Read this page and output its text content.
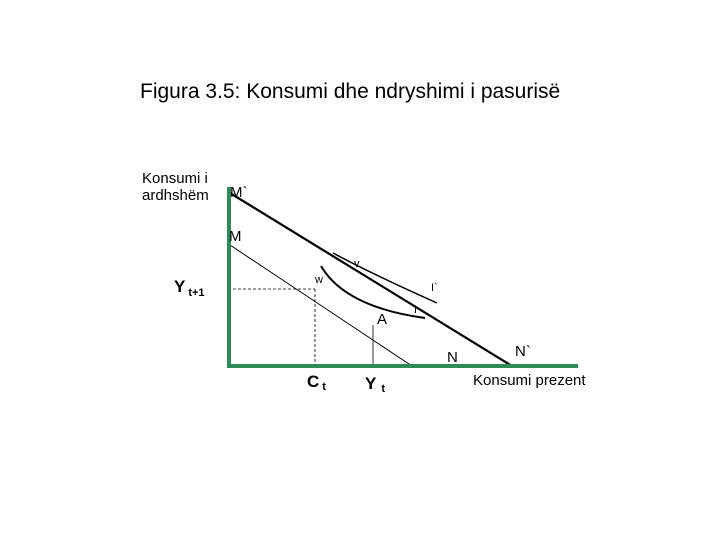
Figura 3.5: Konsumi dhe ndryshimi i pasurisë
Konsumi i
ardhshëm M`
M
v
w
I`
I
A
N	N`
Y $_{t+1}$
Ct Yt	Konsumi prezent
